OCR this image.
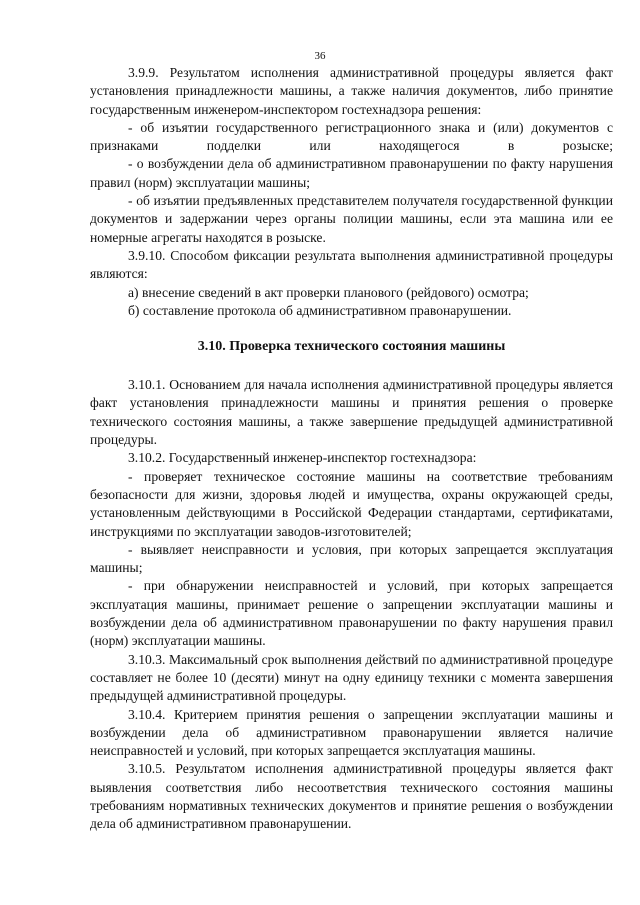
36

3.9.9. Результатом исполнения административной процедуры является факт установления принадлежности машины, а также наличия документов, либо принятие государственным инженером-инспектором гостехнадзора решения:

- об изъятии государственного регистрационного знака и (или) документов с признаками подделки или находящегося в розыске;

- о возбуждении дела об административном правонарушении по факту нарушения правил (норм) эксплуатации машины;

- об изъятии предъявленных представителем получателя государственной функции документов и задержании через органы полиции машины, если эта машина или ее номерные агрегаты находятся в розыске.

3.9.10. Способом фиксации результата выполнения административной процедуры являются:

а) внесение сведений в акт проверки планового (рейдового) осмотра;

б) составление протокола об административном правонарушении.

3.10. Проверка технического состояния машины

3.10.1. Основанием для начала исполнения административной процедуры является факт установления принадлежности машины и принятия решения о проверке технического состояния машины, а также завершение предыдущей административной процедуры.

3.10.2. Государственный инженер-инспектор гостехнадзора:

- проверяет техническое состояние машины на соответствие требованиям безопасности для жизни, здоровья людей и имущества, охраны окружающей среды, установленным действующими в Российской Федерации стандартами, сертификатами, инструкциями по эксплуатации заводов-изготовителей;

- выявляет неисправности и условия, при которых запрещается эксплуатация машины;

- при обнаружении неисправностей и условий, при которых запрещается эксплуатация машины, принимает решение о запрещении эксплуатации машины и возбуждении дела об административном правонарушении по факту нарушения правил (норм) эксплуатации машины.

3.10.3. Максимальный срок выполнения действий по административной процедуре составляет не более 10 (десяти) минут на одну единицу техники с момента завершения предыдущей административной процедуры.

3.10.4. Критерием принятия решения о запрещении эксплуатации машины и возбуждении дела об административном правонарушении является наличие неисправностей и условий, при которых запрещается эксплуатация машины.

3.10.5. Результатом исполнения административной процедуры является факт выявления соответствия либо несоответствия технического состояния машины требованиям нормативных технических документов и принятие решения о возбуждении дела об административном правонарушении.
